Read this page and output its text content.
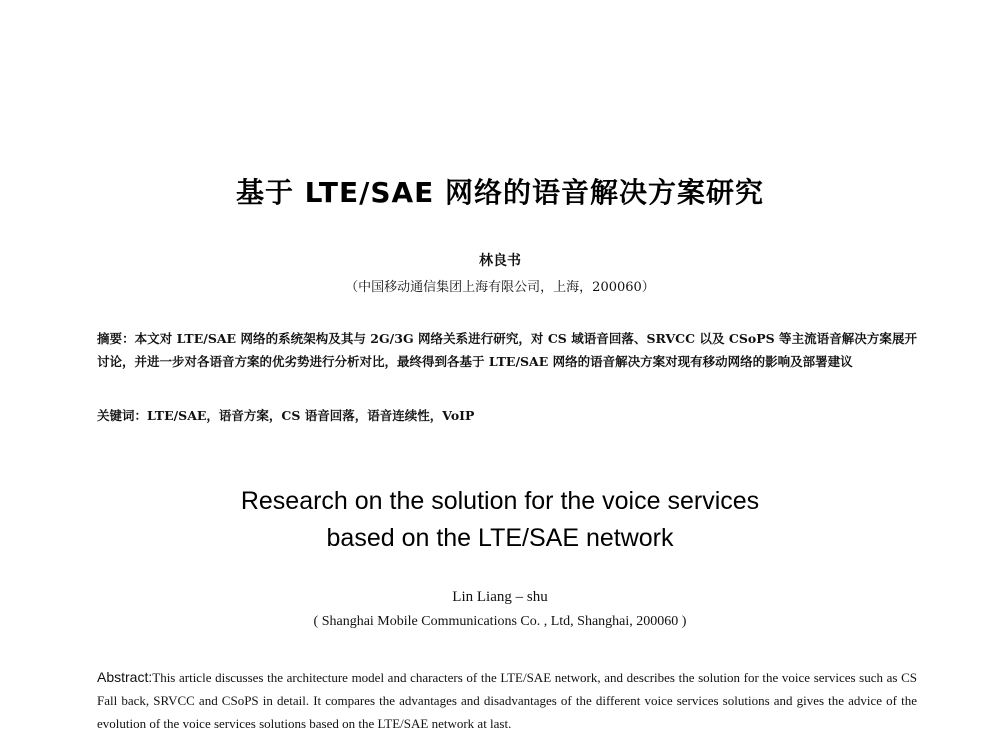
基于 LTE/SAE 网络的语音解决方案研究
林良书
（中国移动通信集团上海有限公司，上海，200060）

摘要：本文对 LTE/SAE 网络的系统架构及其与 2G/3G 网络关系进行研究，对 CS 域语音回落、SRVCC 以及 CSoPS 等主流语音解决方案展开讨论，并进一步对各语音方案的优劣势进行分析对比，最终得到各基于 LTE/SAE 网络的语音解决方案对现有移动网络的影响及部署建议

关键词：LTE/SAE，语音方案，CS 语音回落，语音连续性，VoIP

Research on the solution for the voice services
based on the LTE/SAE network
Lin Liang – shu
( Shanghai Mobile Communications Co. , Ltd, Shanghai, 200060 )

Abstract:This article discusses the architecture model and characters of the LTE/SAE network, and describes the solution for the voice services such as CS Fall back, SRVCC and CSoPS in detail. It compares the advantages and disadvantages of the different voice services solutions and gives the advice of the evolution of the voice services solutions based on the LTE/SAE network at last.
